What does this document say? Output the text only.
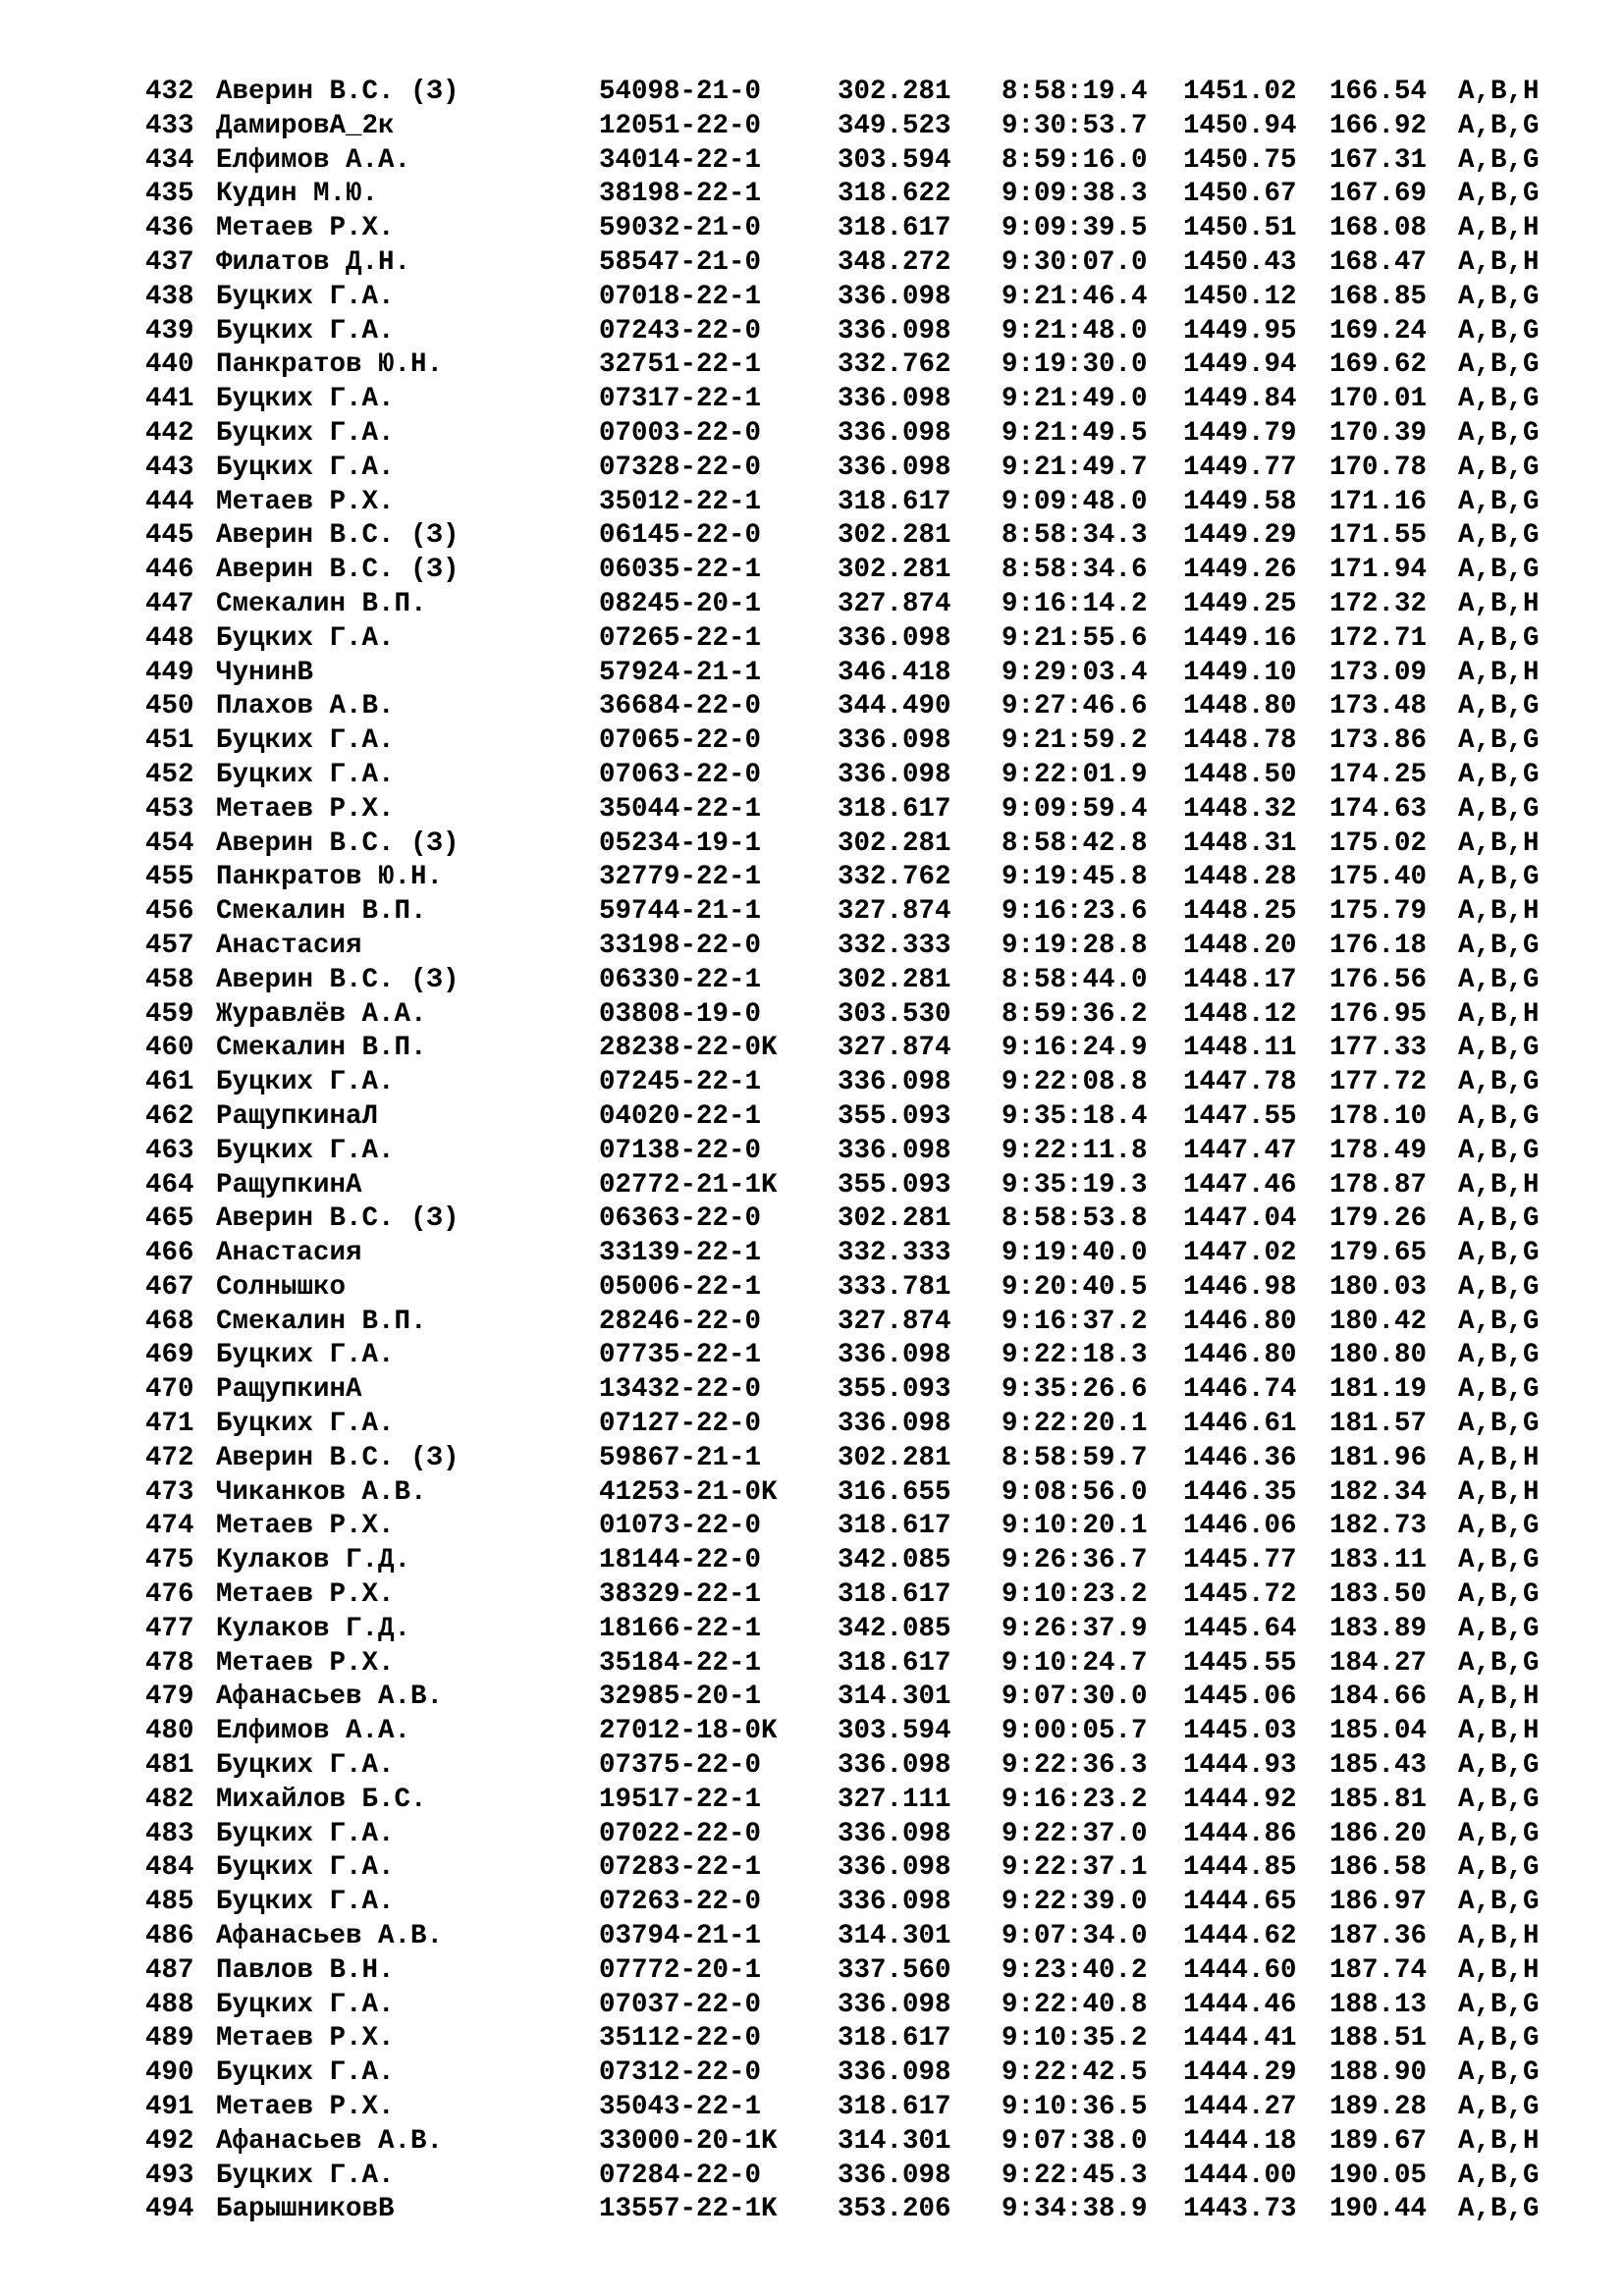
432 Аверин В.С. (З)	54098-21-0	302.281 8:58:19.4 1451.02 166.54 A,B,H
433 ДамировА_2к	12051-22-0	349.523 9:30:53.7 1450.94 166.92 A,B,G
434 Елфимов А.А.	34014-22-1	303.594 8:59:16.0 1450.75 167.31 A,B,G
435 Кудин М.Ю.	38198-22-1	318.622 9:09:38.3 1450.67 167.69 A,B,G
436 Метаев Р.Х.	59032-21-0	318.617 9:09:39.5 1450.51 168.08 A,B,H
437 Филатов Д.Н.	58547-21-0	348.272 9:30:07.0 1450.43 168.47 A,B,H
438 Буцких Г.А.	07018-22-1	336.098 9:21:46.4 1450.12 168.85 A,B,G
439 Буцких Г.А.	07243-22-0	336.098 9:21:48.0 1449.95 169.24 A,B,G
440 Панкратов Ю.Н.	32751-22-1	332.762 9:19:30.0 1449.94 169.62 A,B,G
441 Буцких Г.А.	07317-22-1	336.098 9:21:49.0 1449.84 170.01 A,B,G
442 Буцких Г.А.	07003-22-0	336.098 9:21:49.5 1449.79 170.39 A,B,G
443 Буцких Г.А.	07328-22-0	336.098 9:21:49.7 1449.77 170.78 A,B,G
444 Метаев Р.Х.	35012-22-1	318.617 9:09:48.0 1449.58 171.16 A,B,G
445 Аверин В.С. (З)	06145-22-0	302.281 8:58:34.3 1449.29 171.55 A,B,G
446 Аверин В.С. (З)	06035-22-1	302.281 8:58:34.6 1449.26 171.94 A,B,G
447 Смекалин В.П.	08245-20-1	327.874 9:16:14.2 1449.25 172.32 A,B,H
448 Буцких Г.А.	07265-22-1	336.098 9:21:55.6 1449.16 172.71 A,B,G
449 ЧунинВ	57924-21-1	346.418 9:29:03.4 1449.10 173.09 A,B,H
450 Плахов А.В.	36684-22-0	344.490 9:27:46.6 1448.80 173.48 A,B,G
451 Буцких Г.А.	07065-22-0	336.098 9:21:59.2 1448.78 173.86 A,B,G
452 Буцких Г.А.	07063-22-0	336.098 9:22:01.9 1448.50 174.25 A,B,G
453 Метаев Р.Х.	35044-22-1	318.617 9:09:59.4 1448.32 174.63 A,B,G
454 Аверин В.С. (З)	05234-19-1	302.281 8:58:42.8 1448.31 175.02 A,B,H
455 Панкратов Ю.Н.	32779-22-1	332.762 9:19:45.8 1448.28 175.40 A,B,G
456 Смекалин В.П.	59744-21-1	327.874 9:16:23.6 1448.25 175.79 A,B,H
457 Анастасия	33198-22-0	332.333 9:19:28.8 1448.20 176.18 A,B,G
458 Аверин В.С. (З)	06330-22-1	302.281 8:58:44.0 1448.17 176.56 A,B,G
459 Журавлёв А.А.	03808-19-0	303.530 8:59:36.2 1448.12 176.95 A,B,H
460 Смекалин В.П.	28238-22-0K 327.874 9:16:24.9 1448.11 177.33 A,B,G
461 Буцких Г.А.	07245-22-1	336.098 9:22:08.8 1447.78 177.72 A,B,G
462 РащупкинаЛ	04020-22-1	355.093 9:35:18.4 1447.55 178.10 A,B,G
463 Буцких Г.А.	07138-22-0	336.098 9:22:11.8 1447.47 178.49 A,B,G
464 РащупкинА	02772-21-1K 355.093 9:35:19.3 1447.46 178.87 A,B,H
465 Аверин В.С. (З)	06363-22-0	302.281 8:58:53.8 1447.04 179.26 A,B,G
466 Анастасия	33139-22-1	332.333 9:19:40.0 1447.02 179.65 A,B,G
467 Солнышко	05006-22-1	333.781 9:20:40.5 1446.98 180.03 A,B,G
468 Смекалин В.П.	28246-22-0	327.874 9:16:37.2 1446.80 180.42 A,B,G
469 Буцких Г.А.	07735-22-1	336.098 9:22:18.3 1446.80 180.80 A,B,G
470 РащупкинА	13432-22-0	355.093 9:35:26.6 1446.74 181.19 A,B,G
471 Буцких Г.А.	07127-22-0	336.098 9:22:20.1 1446.61 181.57 A,B,G
472 Аверин В.С. (З)	59867-21-1	302.281 8:58:59.7 1446.36 181.96 A,B,H
473 Чиканков А.В.	41253-21-0K 316.655 9:08:56.0 1446.35 182.34 A,B,H
474 Метаев Р.Х.	01073-22-0	318.617 9:10:20.1 1446.06 182.73 A,B,G
475 Кулаков Г.Д.	18144-22-0	342.085 9:26:36.7 1445.77 183.11 A,B,G
476 Метаев Р.Х.	38329-22-1	318.617 9:10:23.2 1445.72 183.50 A,B,G
477 Кулаков Г.Д.	18166-22-1	342.085 9:26:37.9 1445.64 183.89 A,B,G
478 Метаев Р.Х.	35184-22-1	318.617 9:10:24.7 1445.55 184.27 A,B,G
479 Афанасьев А.В.	32985-20-1	314.301 9:07:30.0 1445.06 184.66 A,B,H
480 Елфимов А.А.	27012-18-0K 303.594 9:00:05.7 1445.03 185.04 A,B,H
481 Буцких Г.А.	07375-22-0	336.098 9:22:36.3 1444.93 185.43 A,B,G
482 Михайлов Б.С.	19517-22-1	327.111 9:16:23.2 1444.92 185.81 A,B,G
483 Буцких Г.А.	07022-22-0	336.098 9:22:37.0 1444.86 186.20 A,B,G
484 Буцких Г.А.	07283-22-1	336.098 9:22:37.1 1444.85 186.58 A,B,G
485 Буцких Г.А.	07263-22-0	336.098 9:22:39.0 1444.65 186.97 A,B,G
486 Афанасьев А.В.	03794-21-1	314.301 9:07:34.0 1444.62 187.36 A,B,H
487 Павлов В.Н.	07772-20-1	337.560 9:23:40.2 1444.60 187.74 A,B,H
488 Буцких Г.А.	07037-22-0	336.098 9:22:40.8 1444.46 188.13 A,B,G
489 Метаев Р.Х.	35112-22-0	318.617 9:10:35.2 1444.41 188.51 A,B,G
490 Буцких Г.А.	07312-22-0	336.098 9:22:42.5 1444.29 188.90 A,B,G
491 Метаев Р.Х.	35043-22-1	318.617 9:10:36.5 1444.27 189.28 A,B,G
492 Афанасьев А.В.	33000-20-1K 314.301 9:07:38.0 1444.18 189.67 A,B,H
493 Буцких Г.А.	07284-22-0	336.098 9:22:45.3 1444.00 190.05 A,B,G
494 БарышниковВ	13557-22-1K 353.206 9:34:38.9 1443.73 190.44 A,B,G
